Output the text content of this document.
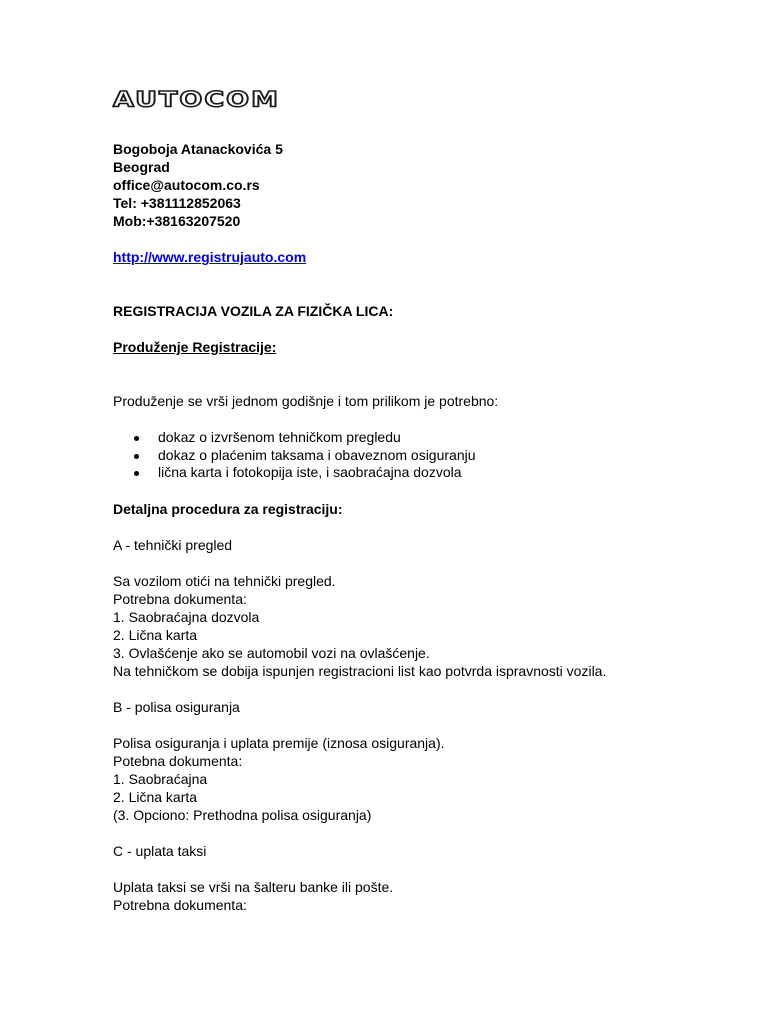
AUTOCOM
Bogoboja Atanackovića 5
Beograd
office@autocom.co.rs
Tel: +381112852063
Mob:+38163207520
http://www.registrujauto.com
REGISTRACIJA VOZILA ZA FIZIČKA LICA:
Produženje Registracije:
Produženje se vrši jednom godišnje i tom prilikom je potrebno:
dokaz o izvršenom tehničkom pregledu
dokaz o plaćenim taksama i obaveznom osiguranju
lična karta i fotokopija iste, i saobraćajna dozvola
Detaljna procedura za registraciju:
A - tehnički pregled
Sa vozilom otići na tehnički pregled.
Potrebna dokumenta:
1. Saobraćajna dozvola
2. Lična karta
3. Ovlašćenje ako se automobil vozi na ovlašćenje.
Na tehničkom se dobija ispunjen registracioni list kao potvrda ispravnosti vozila.
B - polisa osiguranja
Polisa osiguranja i uplata premije (iznosa osiguranja).
Potebna dokumenta:
1. Saobraćajna
2. Lična karta
(3. Opciono: Prethodna polisa osiguranja)
C - uplata taksi
Uplata taksi se vrši na šalteru banke ili pošte.
Potrebna dokumenta:
